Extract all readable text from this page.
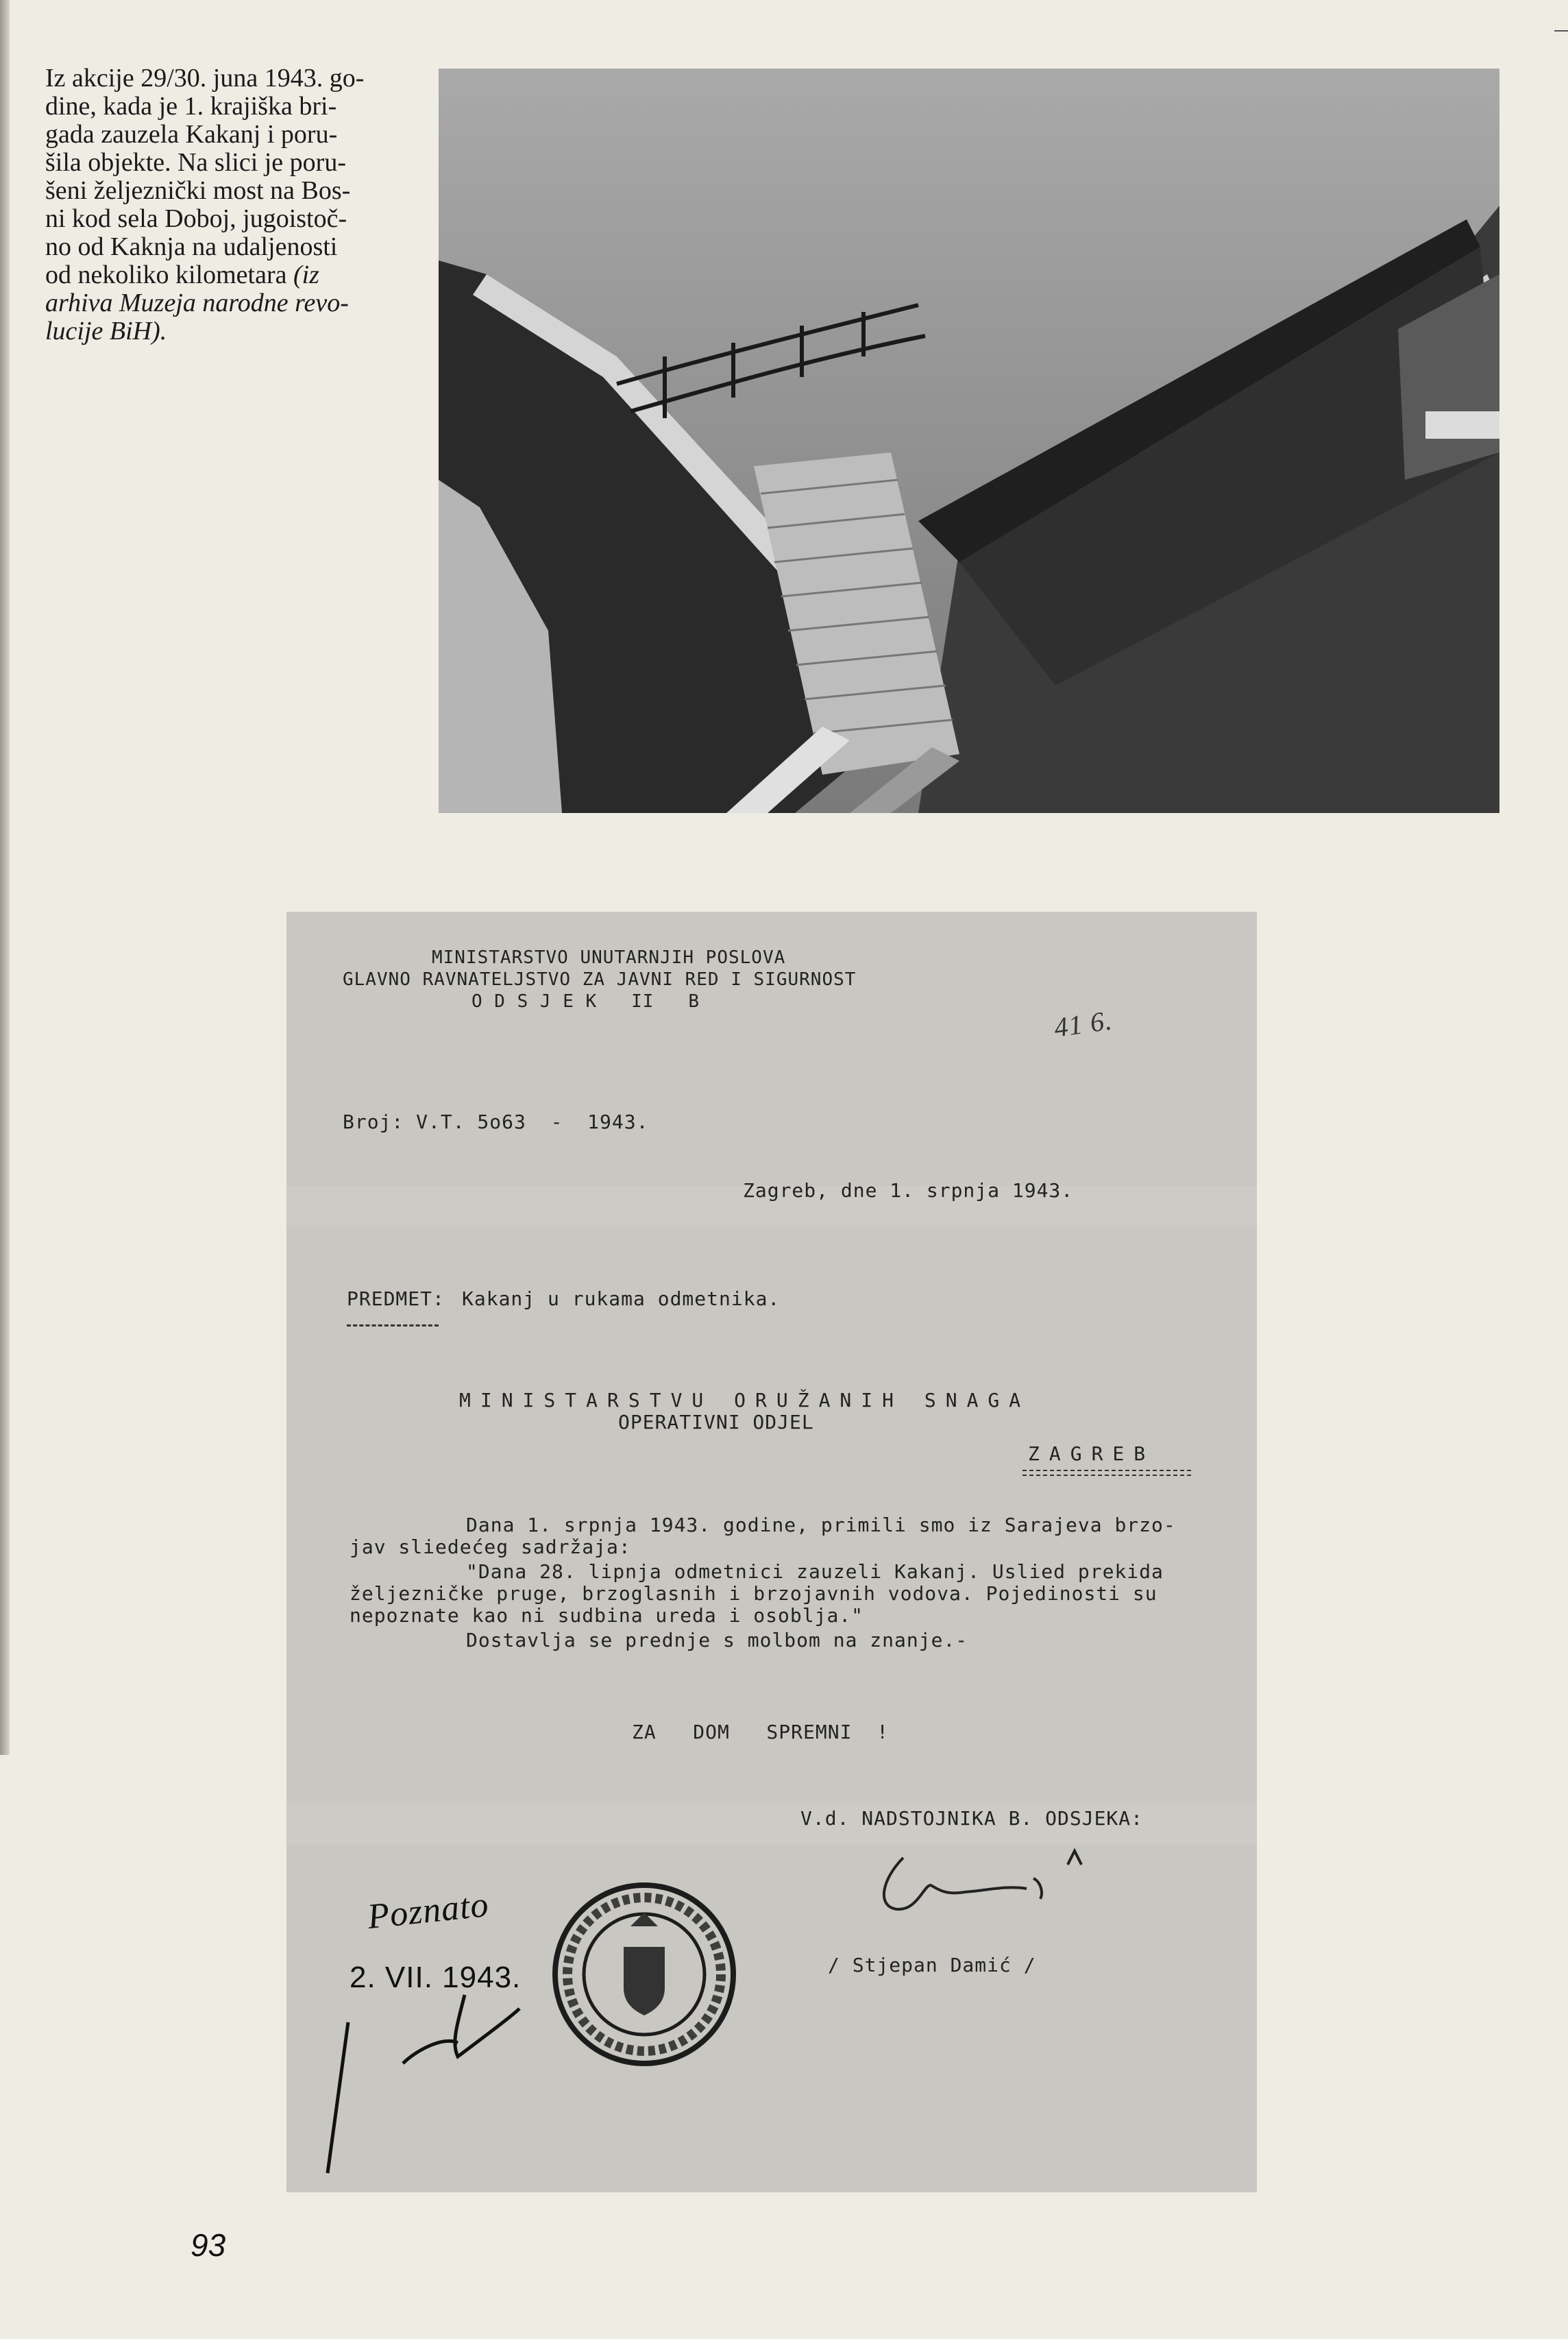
Iz akcije 29/30. juna 1943. go-
dine, kada je 1. krajiška bri-
gada zauzela Kakanj i poru-
šila objekte. Na slici je poru-
šeni željeznički most na Bos-
ni kod sela Doboj, jugoistoč-
no od Kaknja na udaljenosti
od nekoliko kilometara (iz
arhiva Muzeja narodne revo-
lucije BiH).
MINISTARSTVO UNUTARNJIH POSLOVA
GLAVNO RAVNATELJSTVO ZA JAVNI RED I SIGURNOST
O D S J E K   II   B
41 6.
Broj: V.T. 5o63  -  1943.
Zagreb, dne 1. srpnja 1943.
PREDMET: Kakanj u rukama odmetnika.
MINISTARSTVU ORUŽANIH SNAGA
OPERATIVNI ODJEL
ZAGREB
Dana 1. srpnja 1943. godine, primili smo iz Sarajeva brzo-
jav sliedećeg sadržaja:
"Dana 28. lipnja odmetnici zauzeli Kakanj. Uslied prekida
željezničke pruge, brzoglasnih i brzojavnih vodova. Pojedinosti su
nepoznate kao ni sudbina ureda i osoblja."
Dostavlja se prednje s molbom na znanje.-
ZA   DOM   SPREMNI  !
V.d. NADSTOJNIKA B. ODSJEKA:
/ Stjepan Damić /
Poznato
2. VII. 1943.
93
